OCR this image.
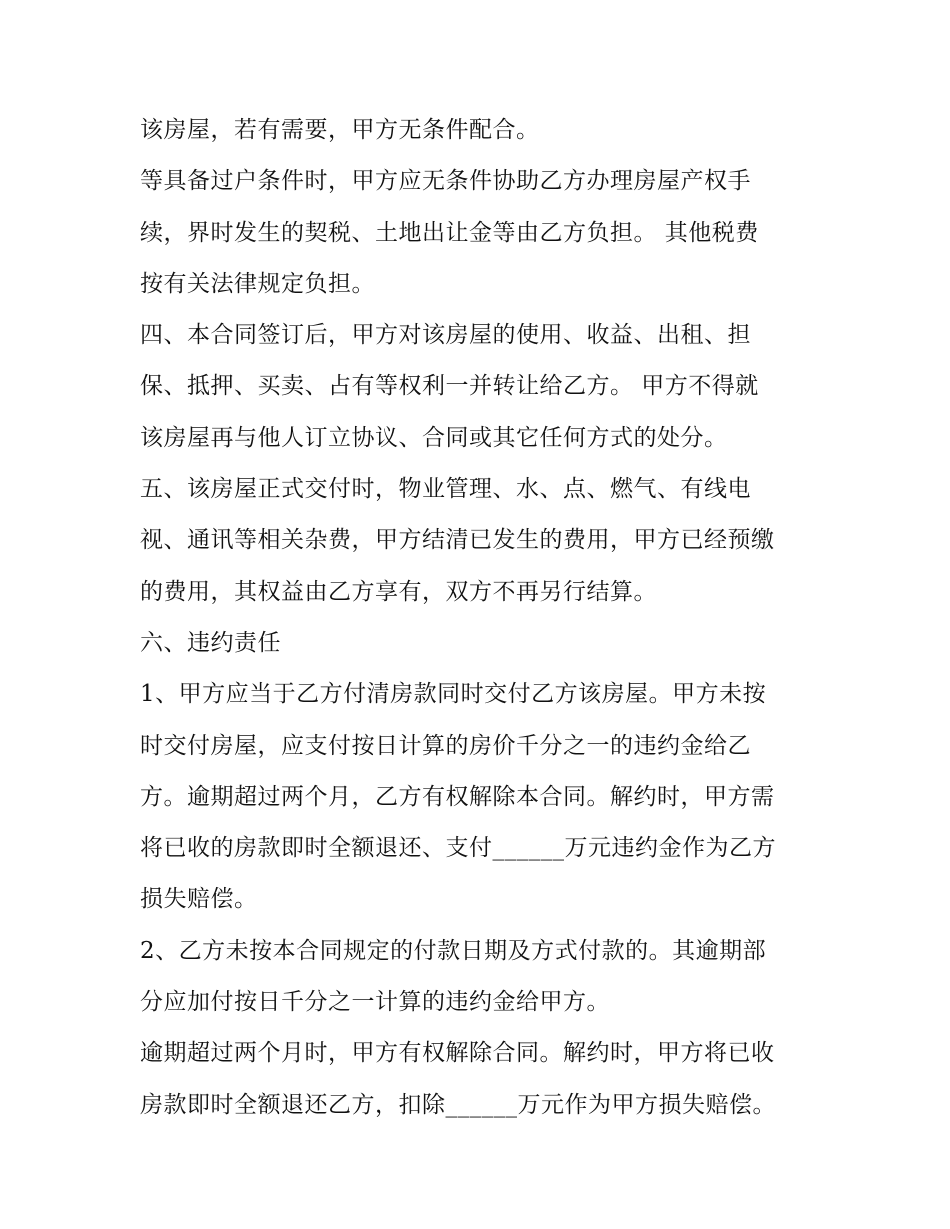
该房屋，若有需要，甲方无条件配合。
等具备过户条件时，甲方应无条件协助乙方办理房屋产权手
续，界时发生的契税、土地出让金等由乙方负担。 其他税费
按有关法律规定负担。
四、本合同签订后，甲方对该房屋的使用、收益、出租、担
保、抵押、买卖、占有等权利一并转让给乙方。 甲方不得就
该房屋再与他人订立协议、合同或其它任何方式的处分。
五、该房屋正式交付时，物业管理、水、点、燃气、有线电
视、通讯等相关杂费，甲方结清已发生的费用，甲方已经预缴
的费用，其权益由乙方享有，双方不再另行结算。
六、违约责任
1、甲方应当于乙方付清房款同时交付乙方该房屋。甲方未按
时交付房屋，应支付按日计算的房价千分之一的违约金给乙
方。逾期超过两个月，乙方有权解除本合同。解约时，甲方需
将已收的房款即时全额退还、支付______万元违约金作为乙方
损失赔偿。
2、乙方未按本合同规定的付款日期及方式付款的。其逾期部
分应加付按日千分之一计算的违约金给甲方。
逾期超过两个月时，甲方有权解除合同。解约时，甲方将已收
房款即时全额退还乙方，扣除______万元作为甲方损失赔偿。
